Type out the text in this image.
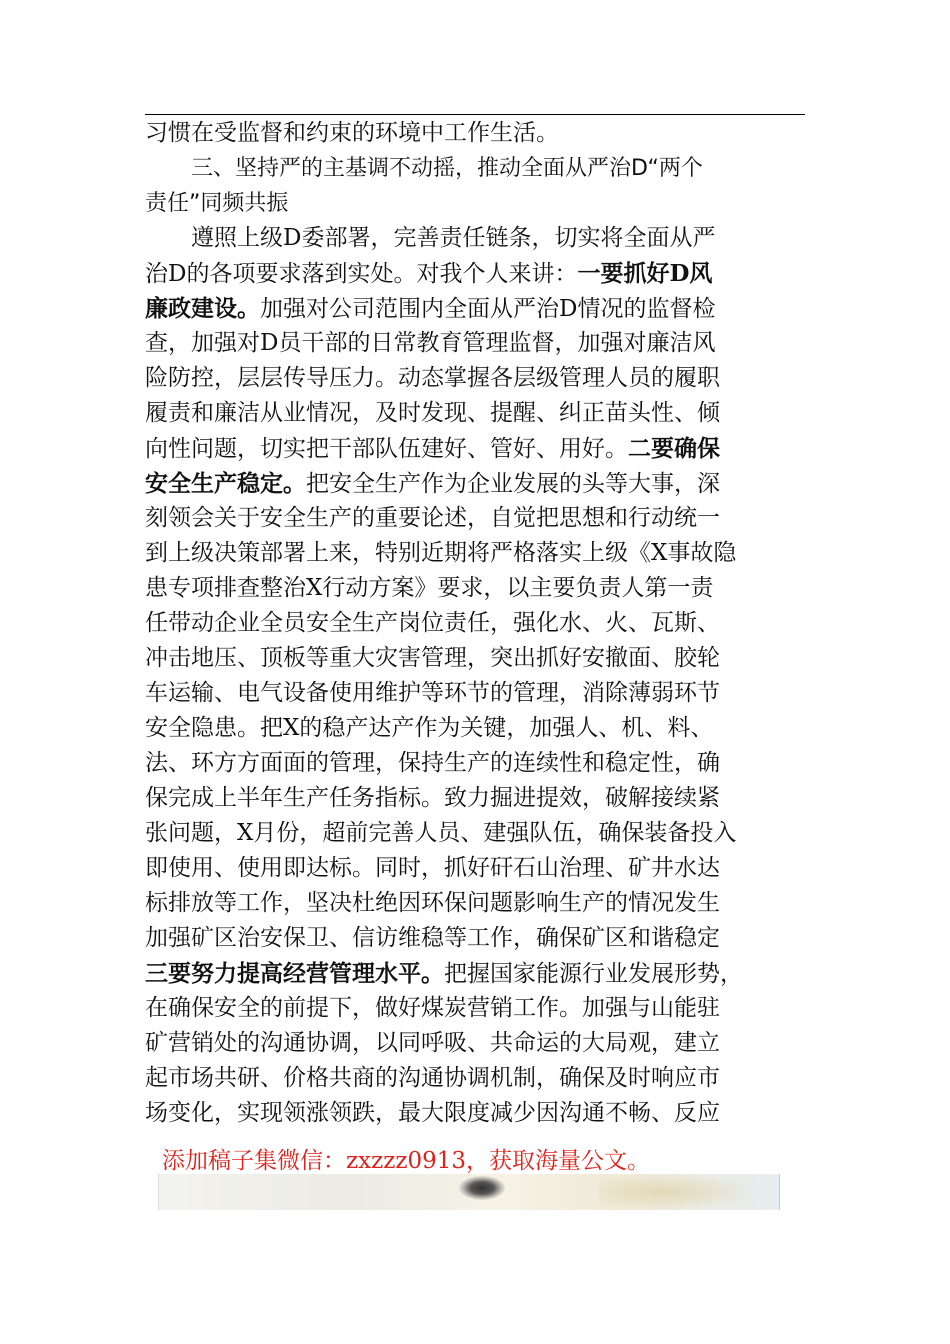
习惯在受监督和约束的环境中工作生活。
三、坚持严的主基调不动摇，推动全面从严治D“两个
责任”同频共振
遵照上级D委部署，完善责任链条，切实将全面从严
治D的各项要求落到实处。对我个人来讲：一要抓好D风
廉政建设。加强对公司范围内全面从严治D情况的监督检
查，加强对D员干部的日常教育管理监督，加强对廉洁风
险防控，层层传导压力。动态掌握各层级管理人员的履职
履责和廉洁从业情况，及时发现、提醒、纠正苗头性、倾
向性问题，切实把干部队伍建好、管好、用好。二要确保
安全生产稳定。把安全生产作为企业发展的头等大事，深
刻领会关于安全生产的重要论述，自觉把思想和行动统一
到上级决策部署上来，特别近期将严格落实上级《X事故隐
患专项排查整治X行动方案》要求，以主要负责人第一责
任带动企业全员安全生产岗位责任，强化水、火、瓦斯、
冲击地压、顶板等重大灾害管理，突出抓好安撤面、胶轮
车运输、电气设备使用维护等环节的管理，消除薄弱环节
安全隐患。把X的稳产达产作为关键，加强人、机、料、
法、环方方面面的管理，保持生产的连续性和稳定性，确
保完成上半年生产任务指标。致力掘进提效，破解接续紧
张问题，X月份，超前完善人员、建强队伍，确保装备投入
即使用、使用即达标。同时，抓好矸石山治理、矿井水达
标排放等工作，坚决杜绝因环保问题影响生产的情况发生
加强矿区治安保卫、信访维稳等工作，确保矿区和谐稳定
三要努力提高经营管理水平。把握国家能源行业发展形势，
在确保安全的前提下，做好煤炭营销工作。加强与山能驻
矿营销处的沟通协调，以同呼吸、共命运的大局观，建立
起市场共研、价格共商的沟通协调机制，确保及时响应市
场变化，实现领涨领跌，最大限度减少因沟通不畅、反应
添加稿子集微信：zxzzz0913，获取海量公文。
